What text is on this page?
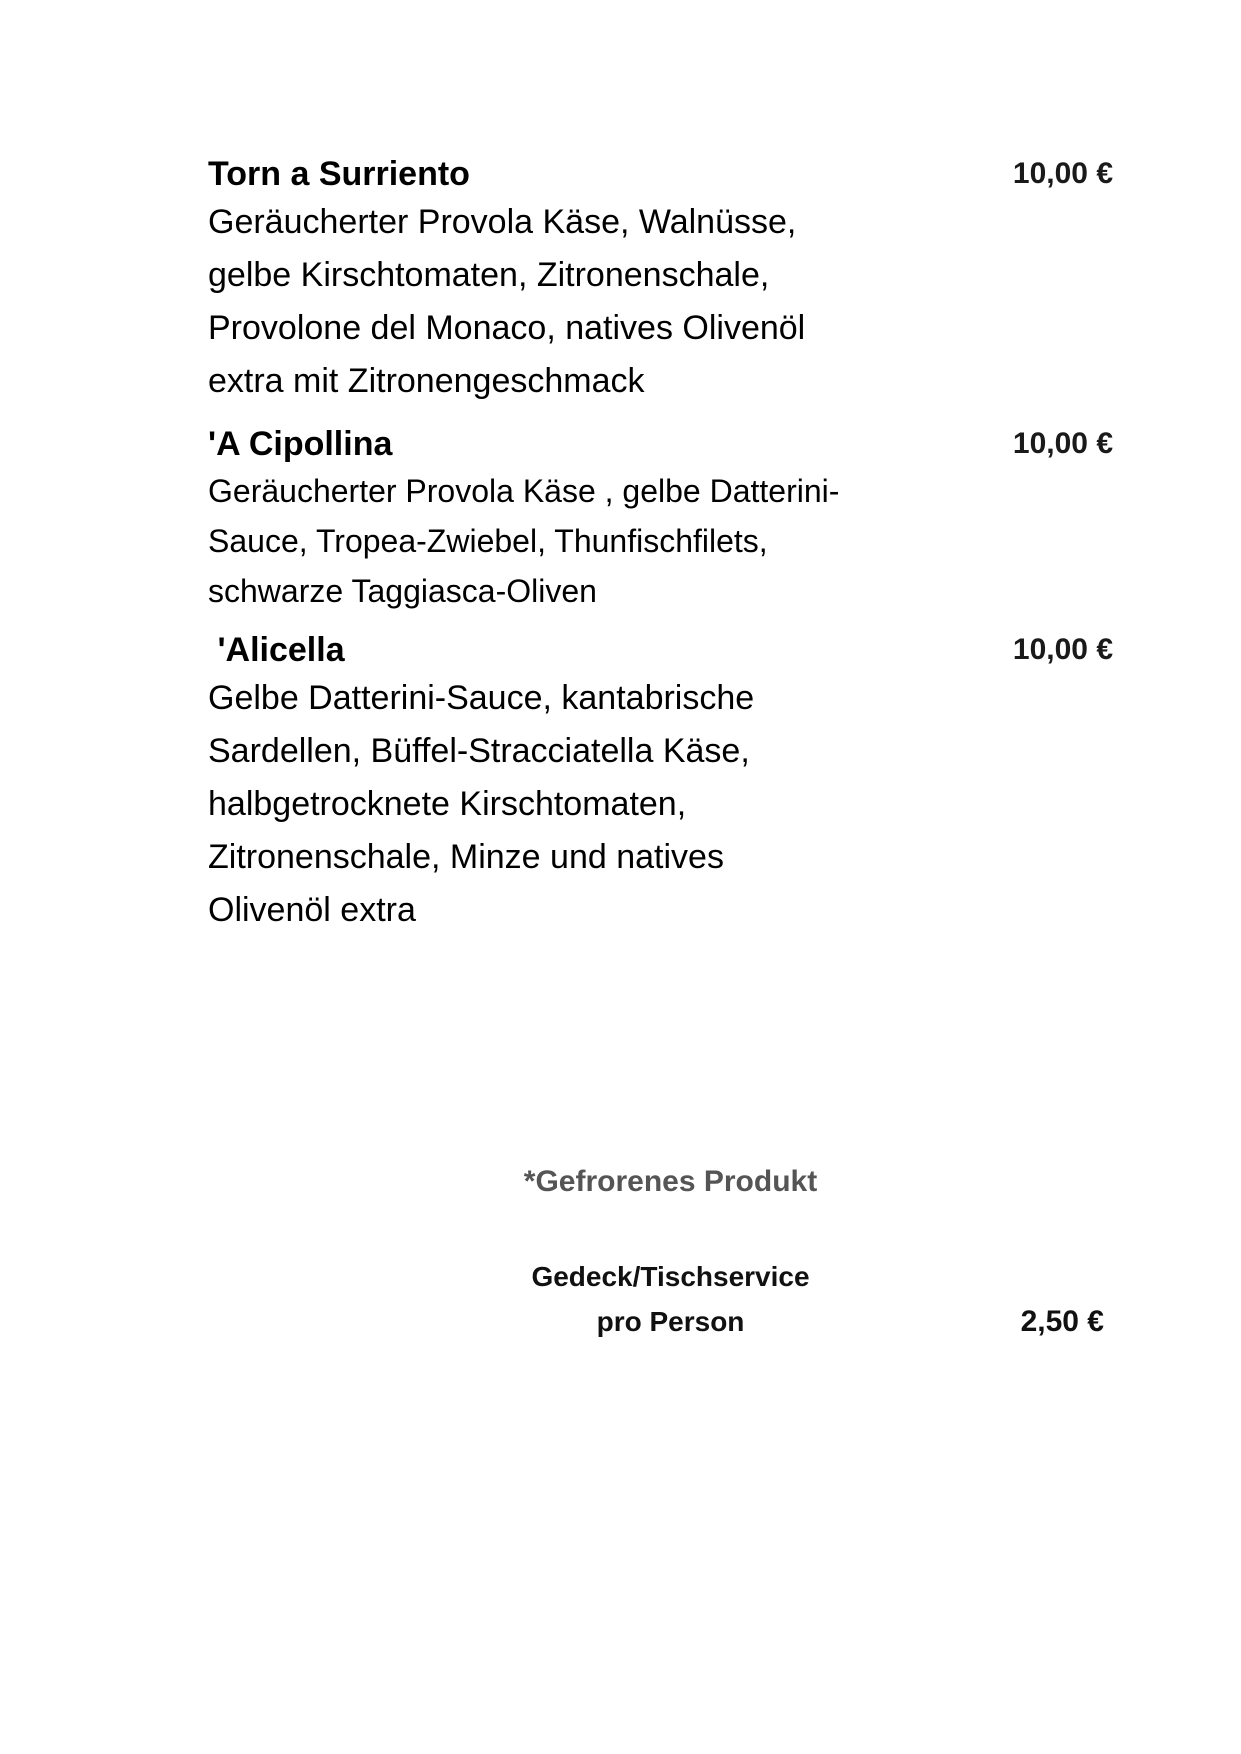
Torn a Surriento	10,00 €
Geräucherter Provola Käse, Walnüsse,
gelbe Kirschtomaten, Zitronenschale,
Provolone del Monaco, natives Olivenöl
extra mit Zitronengeschmack
'A Cipollina	10,00 €
Geräucherter Provola Käse , gelbe Datterini-
Sauce, Tropea-Zwiebel, Thunfischfilets,
schwarze Taggiasca-Oliven
'Alicella	10,00 €
Gelbe Datterini-Sauce, kantabrische
Sardellen, Büffel-Stracciatella Käse,
halbgetrocknete Kirschtomaten,
Zitronenschale, Minze und natives
Olivenöl extra
*Gefrorenes Produkt
Gedeck/Tischservice
pro Person	2,50 €
